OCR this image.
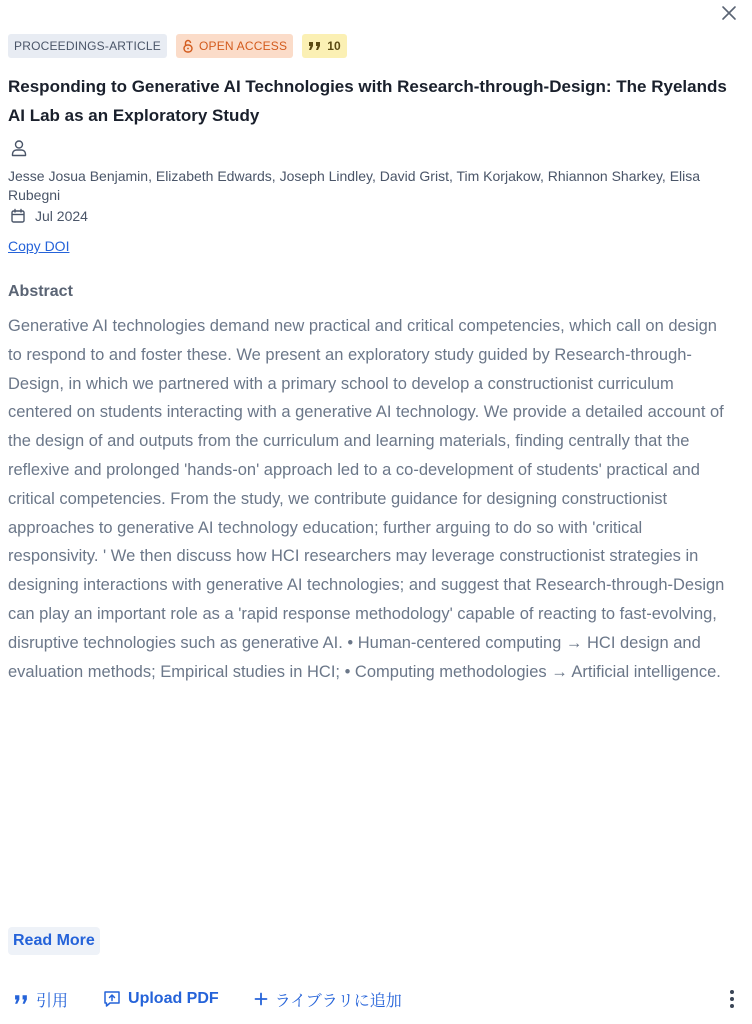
PROCEEDINGS-ARTICLE	OPEN ACCESS	10
Responding to Generative AI Technologies with Research-through-Design: The Ryelands AI Lab as an Exploratory Study

Jesse Josua Benjamin, Elizabeth Edwards, Joseph Lindley, David Grist, Tim Korjakow, Rhiannon Sharkey, Elisa Rubegni

Jul 2024
Copy DOI
Abstract

Generative AI technologies demand new practical and critical competencies, which call on design to respond to and foster these. We present an exploratory study guided by Research-through-Design, in which we partnered with a primary school to develop a constructionist curriculum centered on students interacting with a generative AI technology. We provide a detailed account of the design of and outputs from the curriculum and learning materials, finding centrally that the reflexive and prolonged 'hands-on' approach led to a co-development of students' practical and critical competencies. From the study, we contribute guidance for designing constructionist approaches to generative AI technology education; further arguing to do so with 'critical responsivity. ' We then discuss how HCI researchers may leverage constructionist strategies in designing interactions with generative AI technologies; and suggest that Research-through-Design can play an important role as a 'rapid response methodology' capable of reacting to fast-evolving, disruptive technologies such as generative AI. • Human-centered computing → HCI design and evaluation methods; Empirical studies in HCI; • Computing methodologies → Artificial intelligence.

Read More
引用	Upload PDF	ライブラリに追加
